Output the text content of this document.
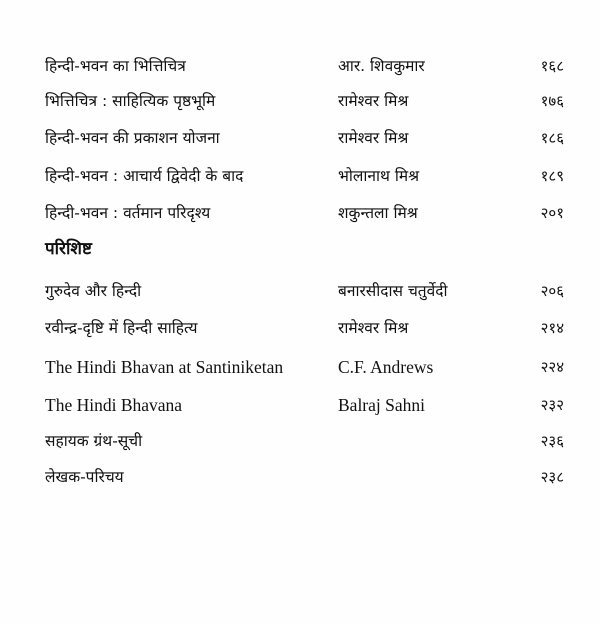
हिन्दी-भवन का भित्तिचित्र	आर. शिवकुमार	१६८
भित्तिचित्र : साहित्यिक पृष्ठभूमि	रामेश्वर मिश्र	१७६
हिन्दी-भवन की प्रकाशन योजना	रामेश्वर मिश्र	१८६
हिन्दी-भवन : आचार्य द्विवेदी के बाद	भोलानाथ मिश्र	१८९
हिन्दी-भवन : वर्तमान परिदृश्य	शकुन्तला मिश्र	२०१
परिशिष्ट
गुरुदेव और हिन्दी	बनारसीदास चतुर्वेदी	२०६
रवीन्द्र-दृष्टि में हिन्दी साहित्य	रामेश्वर मिश्र	२१४
The Hindi Bhavan at Santiniketan	C.F. Andrews	२२४
The Hindi Bhavana	Balraj Sahni	२३२
सहायक ग्रंथ-सूची	२३६
लेखक-परिचय	२३८
